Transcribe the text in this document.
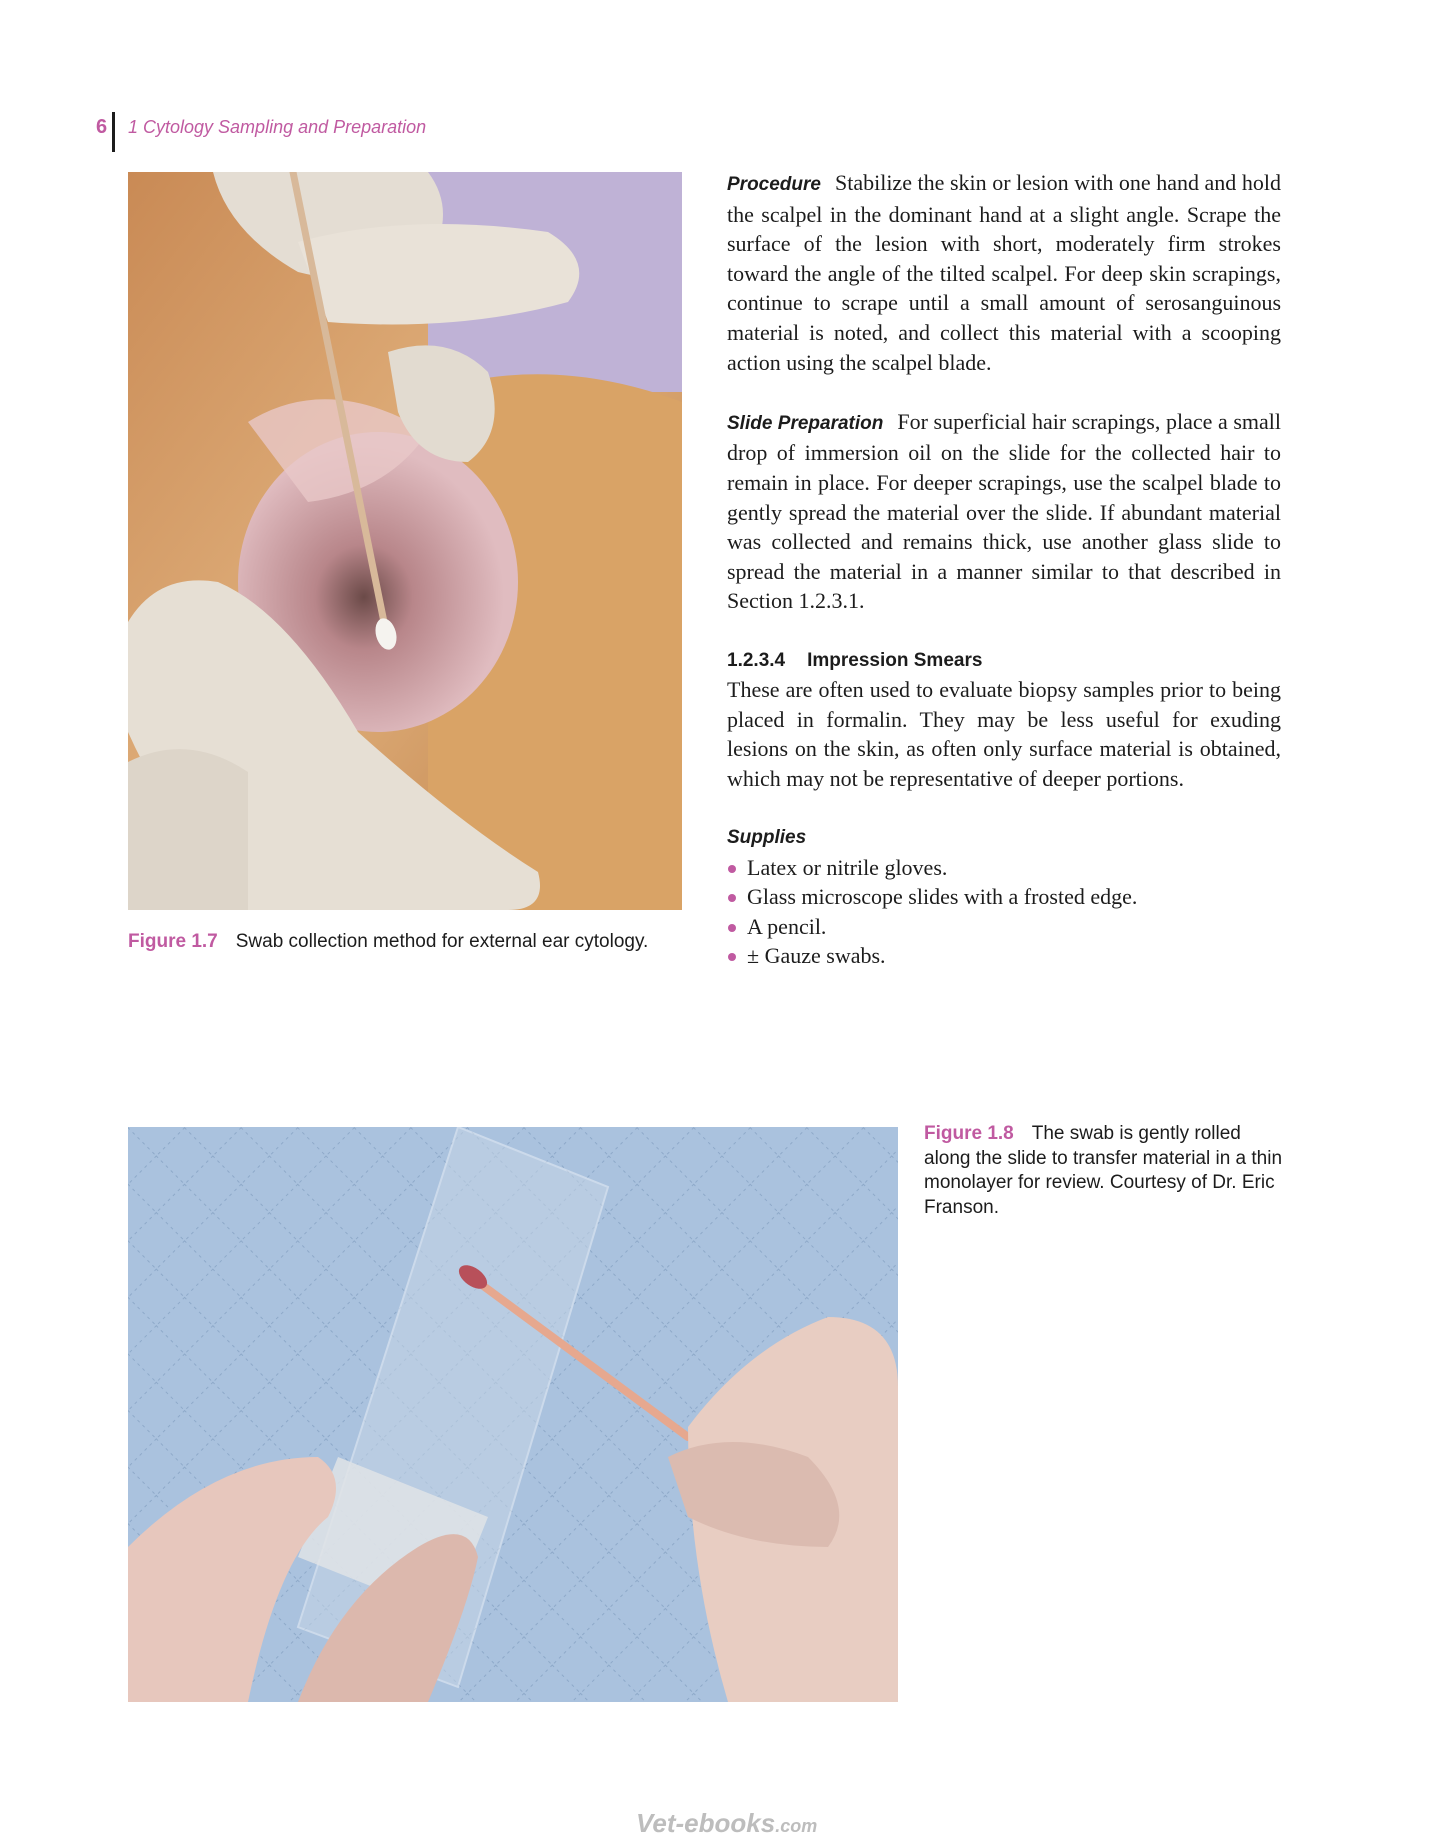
6 1 Cytology Sampling and Preparation
Figure 1.7 Swab collection method for external ear cytology.

Procedure Stabilize the skin or lesion with one hand and hold the scalpel in the dominant hand at a slight angle. Scrape the surface of the lesion with short, moderately firm strokes toward the angle of the tilted scalpel. For deep skin scrapings, continue to scrape until a small amount of serosanguinous material is noted, and collect this material with a scooping action using the scalpel blade.

Slide Preparation For superficial hair scrapings, place a small drop of immersion oil on the slide for the collected hair to remain in place. For deeper scrapings, use the scalpel blade to gently spread the material over the slide. If abundant material was collected and remains thick, use another glass slide to spread the material in a manner similar to that described in Section 1.2.3.1.

1.2.3.4 Impression Smears

These are often used to evaluate biopsy samples prior to being placed in formalin. They may be less useful for exuding lesions on the skin, as often only surface material is obtained, which may not be representative of deeper portions.

Supplies
Latex or nitrile gloves.
Glass microscope slides with a frosted edge.
A pencil.
± Gauze swabs.
Figure 1.8 The swab is gently rolled along the slide to transfer material in a thin monolayer for review. Courtesy of Dr. Eric Franson.
Vet-ebooks.com
